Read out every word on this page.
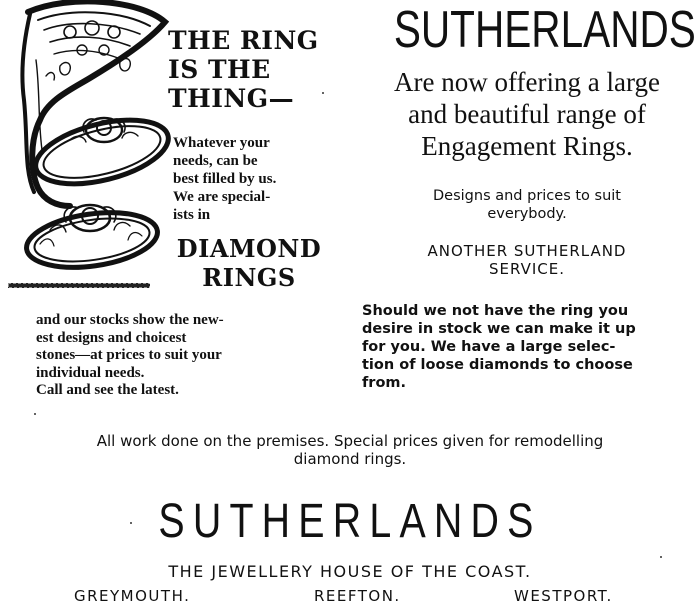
THE RING
IS THE
THING—
Whatever your
needs, can be
best filled by us.
We are special-
ists in
DIAMOND
RINGS
and our stocks show the new-
est designs and choicest
stones—at prices to suit your
individual needs.
Call and see the latest.
SUTHERLANDS
Are now offering a large
and beautiful range of
Engagement Rings.
Designs and prices to suit
everybody.
ANOTHER SUTHERLAND
SERVICE.
Should we not have the ring you
desire in stock we can make it up
for you. We have a large selec-
tion of loose diamonds to choose
from.
All work done on the premises. Special prices given for remodelling
diamond rings.
SUTHERLANDS
THE JEWELLERY HOUSE OF THE COAST.
GREYMOUTH.	REEFTON.	WESTPORT.
